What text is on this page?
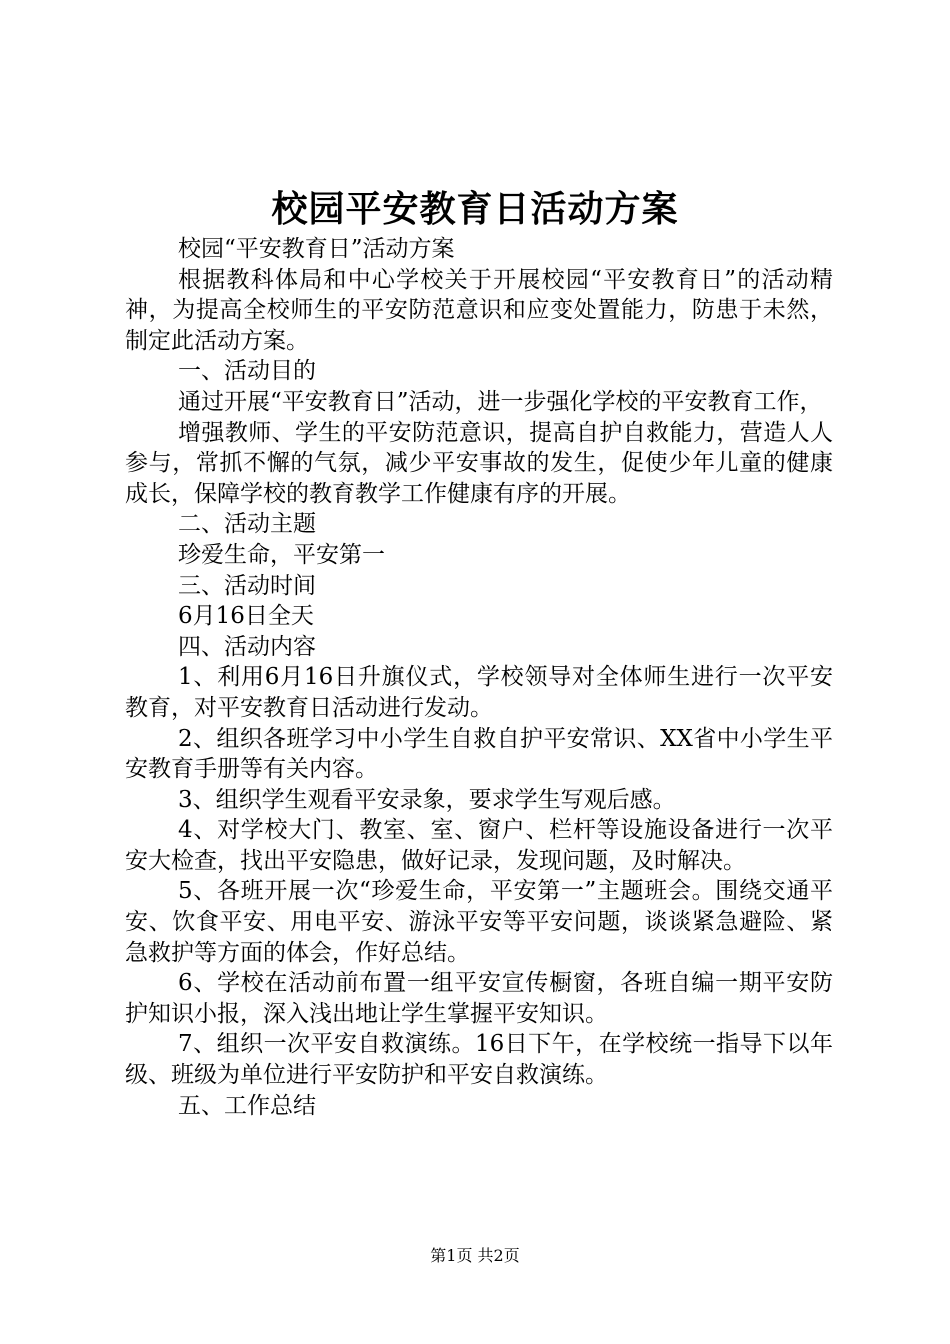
校园平安教育日活动方案

校园“平安教育日”活动方案

根据教科体局和中心学校关于开展校园“平安教育日”的活动精神，为提高全校师生的平安防范意识和应变处置能力，防患于未然，制定此活动方案。

一、活动目的

通过开展“平安教育日”活动，进一步强化学校的平安教育工作，

增强教师、学生的平安防范意识，提高自护自救能力，营造人人参与，常抓不懈的气氛，减少平安事故的发生，促使少年儿童的健康成长，保障学校的教育教学工作健康有序的开展。

二、活动主题

珍爱生命，平安第一

三、活动时间

6月16日全天

四、活动内容

1、利用6月16日升旗仪式，学校领导对全体师生进行一次平安教育，对平安教育日活动进行发动。

2、组织各班学习中小学生自救自护平安常识、XX省中小学生平安教育手册等有关内容。

3、组织学生观看平安录象，要求学生写观后感。

4、对学校大门、教室、室、窗户、栏杆等设施设备进行一次平安大检查，找出平安隐患，做好记录，发现问题，及时解决。

5、各班开展一次“珍爱生命，平安第一”主题班会。围绕交通平安、饮食平安、用电平安、游泳平安等平安问题，谈谈紧急避险、紧急救护等方面的体会，作好总结。

6、学校在活动前布置一组平安宣传橱窗，各班自编一期平安防护知识小报，深入浅出地让学生掌握平安知识。

7、组织一次平安自救演练。16日下午，在学校统一指导下以年级、班级为单位进行平安防护和平安自救演练。

五、工作总结

第1页 共2页
